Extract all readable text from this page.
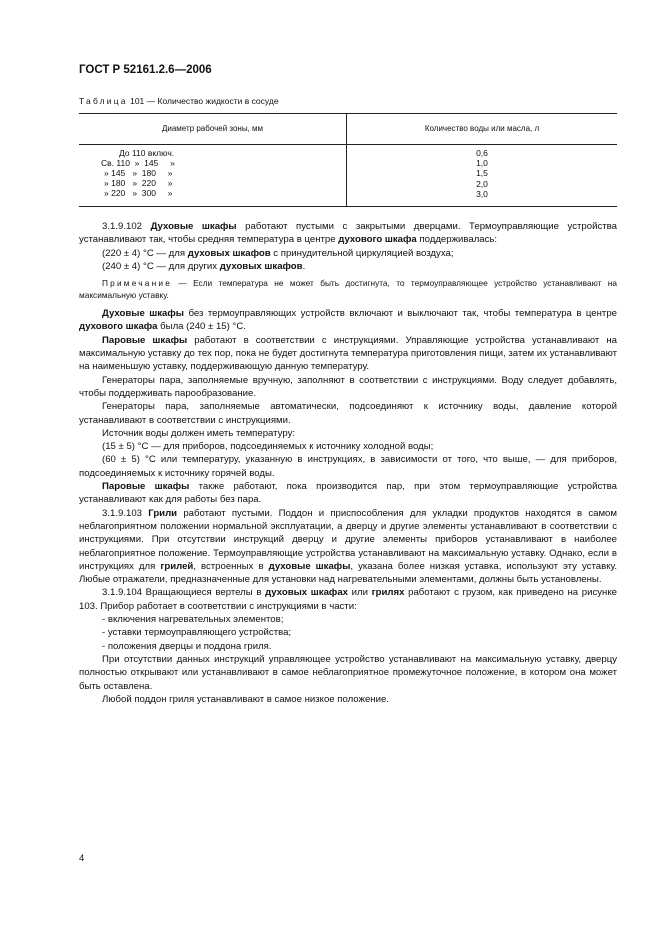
ГОСТ Р 52161.2.6—2006
Таблица 101 — Количество жидкости в сосуде
Диаметр рабочей зоны, мм	Количество воды или масла, л
До 110 включ.
Св. 110  »  145     »
» 145   »  180     »
» 180   »  220     »
» 220   »  300     »
0,6
1,0
1,5
2,0
3,0

3.1.9.102 Духовые шкафы работают пустыми с закрытыми дверцами. Термоуправляющие устройства устанавливают так, чтобы средняя температура в центре духового шкафа поддерживалась:

(220 ± 4) °С — для духовых шкафов с принудительной циркуляцией воздуха;

(240 ± 4) °С — для других духовых шкафов.

Примечание — Если температура не может быть достигнута, то термоуправляющее устройство устанавливают на максимальную уставку.

Духовые шкафы без термоуправляющих устройств включают и выключают так, чтобы температура в центре духового шкафа была (240 ± 15) °С.

Паровые шкафы работают в соответствии с инструкциями. Управляющие устройства устанавливают на максимальную уставку до тех пор, пока не будет достигнута температура приготовления пищи, затем их устанавливают на наименьшую уставку, поддерживающую данную температуру.

Генераторы пара, заполняемые вручную, заполняют в соответствии с инструкциями. Воду следует добавлять, чтобы поддерживать парообразование.

Генераторы пара, заполняемые автоматически, подсоединяют к источнику воды, давление которой устанавливают в соответствии с инструкциями.

Источник воды должен иметь температуру:

(15 ± 5) °С — для приборов, подсоединяемых к источнику холодной воды;

(60 ± 5) °С или температуру, указанную в инструкциях, в зависимости от того, что выше, — для приборов, подсоединяемых к источнику горячей воды.

Паровые шкафы также работают, пока производится пар, при этом термоуправляющие устройства устанавливают как для работы без пара.

3.1.9.103 Грили работают пустыми. Поддон и приспособления для укладки продуктов находятся в самом неблагоприятном положении нормальной эксплуатации, а дверцу и другие элементы устанавливают в соответствии с инструкциями. При отсутствии инструкций дверцу и другие элементы приборов устанавливают в наиболее неблагоприятное положение. Термоуправляющие устройства устанавливают на максимальную уставку. Однако, если в инструкциях для грилей, встроенных в духовые шкафы, указана более низкая уставка, используют эту уставку. Любые отражатели, предназначенные для установки над нагревательными элементами, должны быть установлены.

3.1.9.104 Вращающиеся вертелы в духовых шкафах или грилях работают с грузом, как приведено на рисунке 103. Прибор работает в соответствии с инструкциями в части:

- включения нагревательных элементов;

- уставки термоуправляющего устройства;

- положения дверцы и поддона гриля.

При отсутствии данных инструкций управляющее устройство устанавливают на максимальную уставку, дверцу полностью открывают или устанавливают в самое неблагоприятное промежуточное положение, в котором она может быть оставлена.

Любой поддон гриля устанавливают в самое низкое положение.

4
